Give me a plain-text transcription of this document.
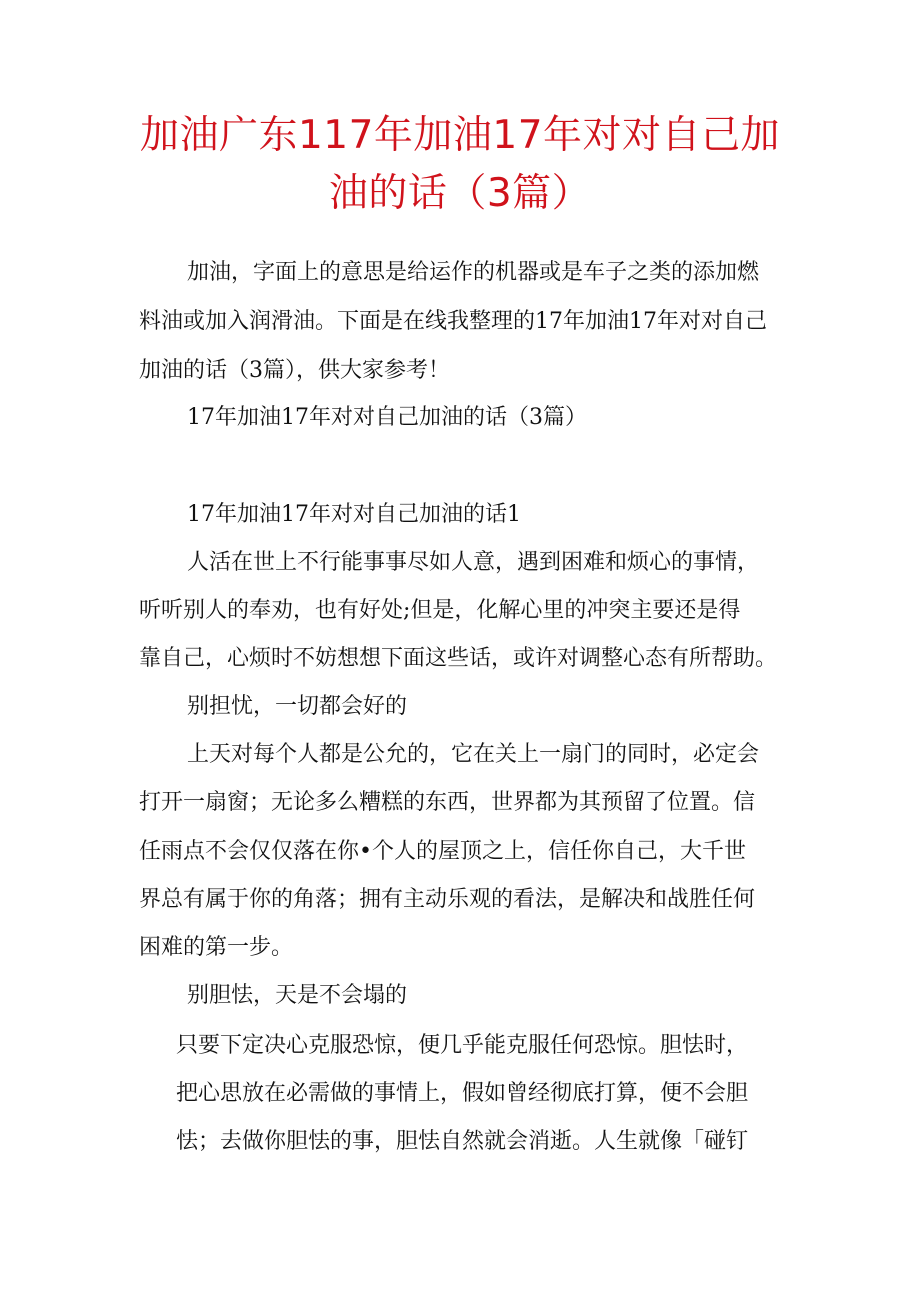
加油广东117年加油17年对对自己加
油的话（3篇）
加油，字面上的意思是给运作的机器或是车子之类的添加燃
料油或加入润滑油。下面是在线我整理的17年加油17年对对自己
加油的话（3篇），供大家参考！
17年加油17年对对自己加油的话（3篇）
17年加油17年对对自己加油的话1
人活在世上不行能事事尽如人意，遇到困难和烦心的事情，
听听别人的奉劝，也有好处;但是，化解心里的冲突主要还是得
靠自己，心烦时不妨想想下面这些话，或许对调整心态有所帮助。
别担忧，一切都会好的
上天对每个人都是公允的，它在关上一扇门的同时，必定会
打开一扇窗；无论多么糟糕的东西，世界都为其预留了位置。信
任雨点不会仅仅落在你•个人的屋顶之上，信任你自己，大千世
界总有属于你的角落；拥有主动乐观的看法，是解决和战胜任何
困难的第一步。
别胆怯，天是不会塌的
只要下定决心克服恐惊，便几乎能克服任何恐惊。胆怯时，
把心思放在必需做的事情上，假如曾经彻底打算，便不会胆
怯；去做你胆怯的事，胆怯自然就会消逝。人生就像「碰钉
